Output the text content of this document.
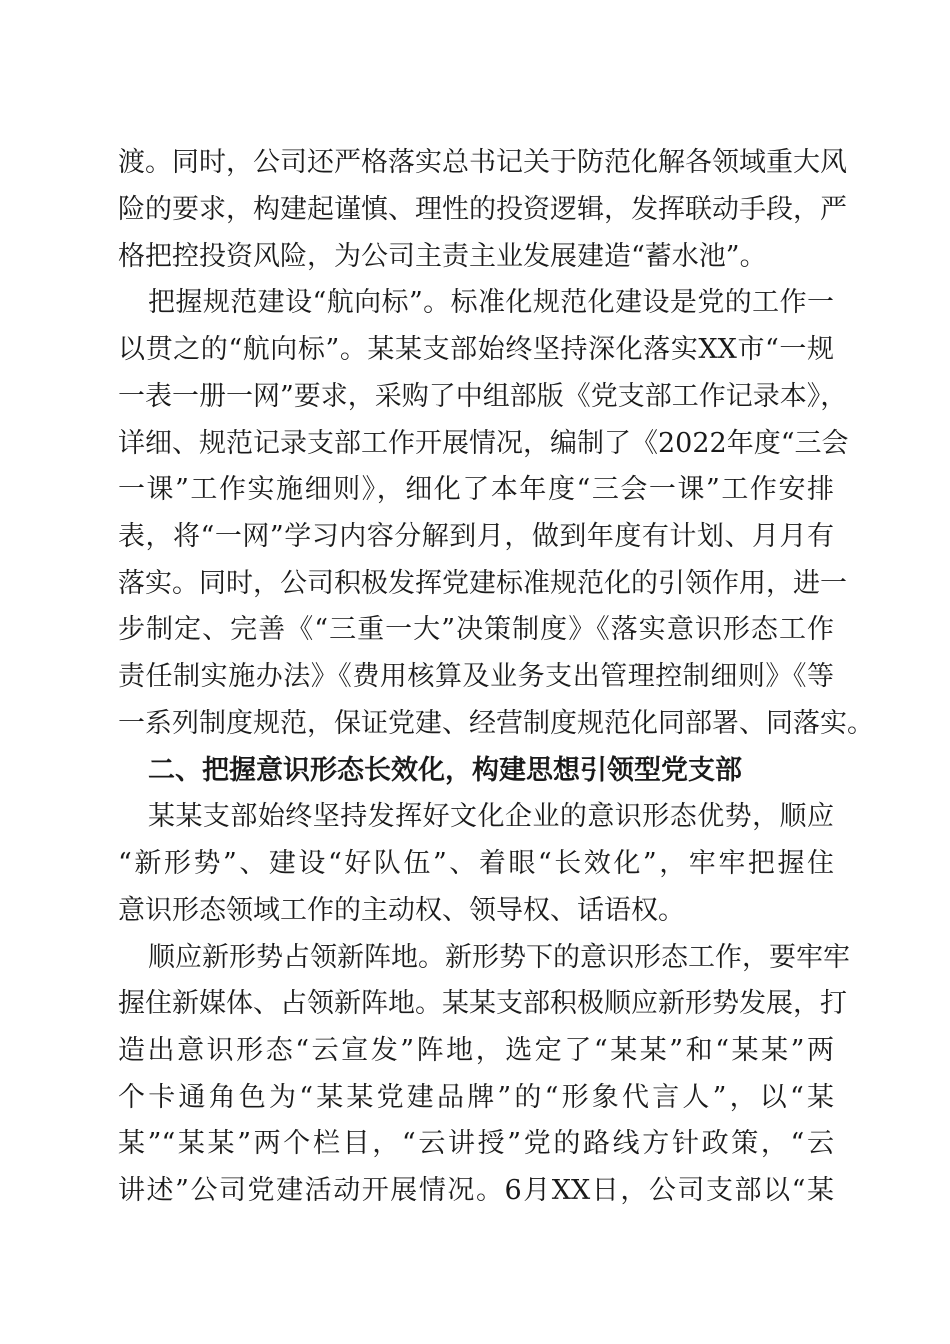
渡。同时，公司还严格落实总书记关于防范化解各领域重大风
险的要求，构建起谨慎、理性的投资逻辑，发挥联动手段，严
格把控投资风险，为公司主责主业发展建造“蓄水池”。
把握规范建设“航向标”。标准化规范化建设是党的工作一
以贯之的“航向标”。某某支部始终坚持深化落实XX市“一规
一表一册一网”要求，采购了中组部版《党支部工作记录本》，
详细、规范记录支部工作开展情况，编制了《2022年度“三会
一课”工作实施细则》，细化了本年度“三会一课”工作安排
表，将“一网”学习内容分解到月，做到年度有计划、月月有
落实。同时，公司积极发挥党建标准规范化的引领作用，进一
步制定、完善《“三重一大”决策制度》《落实意识形态工作
责任制实施办法》《费用核算及业务支出管理控制细则》《等
一系列制度规范，保证党建、经营制度规范化同部署、同落实。
二、把握意识形态长效化，构建思想引领型党支部
某某支部始终坚持发挥好文化企业的意识形态优势，顺应
“新形势”、建设“好队伍”、着眼“长效化”，牢牢把握住
意识形态领域工作的主动权、领导权、话语权。
顺应新形势占领新阵地。新形势下的意识形态工作，要牢牢
握住新媒体、占领新阵地。某某支部积极顺应新形势发展，打
造出意识形态“云宣发”阵地，选定了“某某”和“某某”两
个卡通角色为“某某党建品牌”的“形象代言人”，以“某
某”“某某”两个栏目，“云讲授”党的路线方针政策，“云
讲述”公司党建活动开展情况。6月XX日，公司支部以“某
